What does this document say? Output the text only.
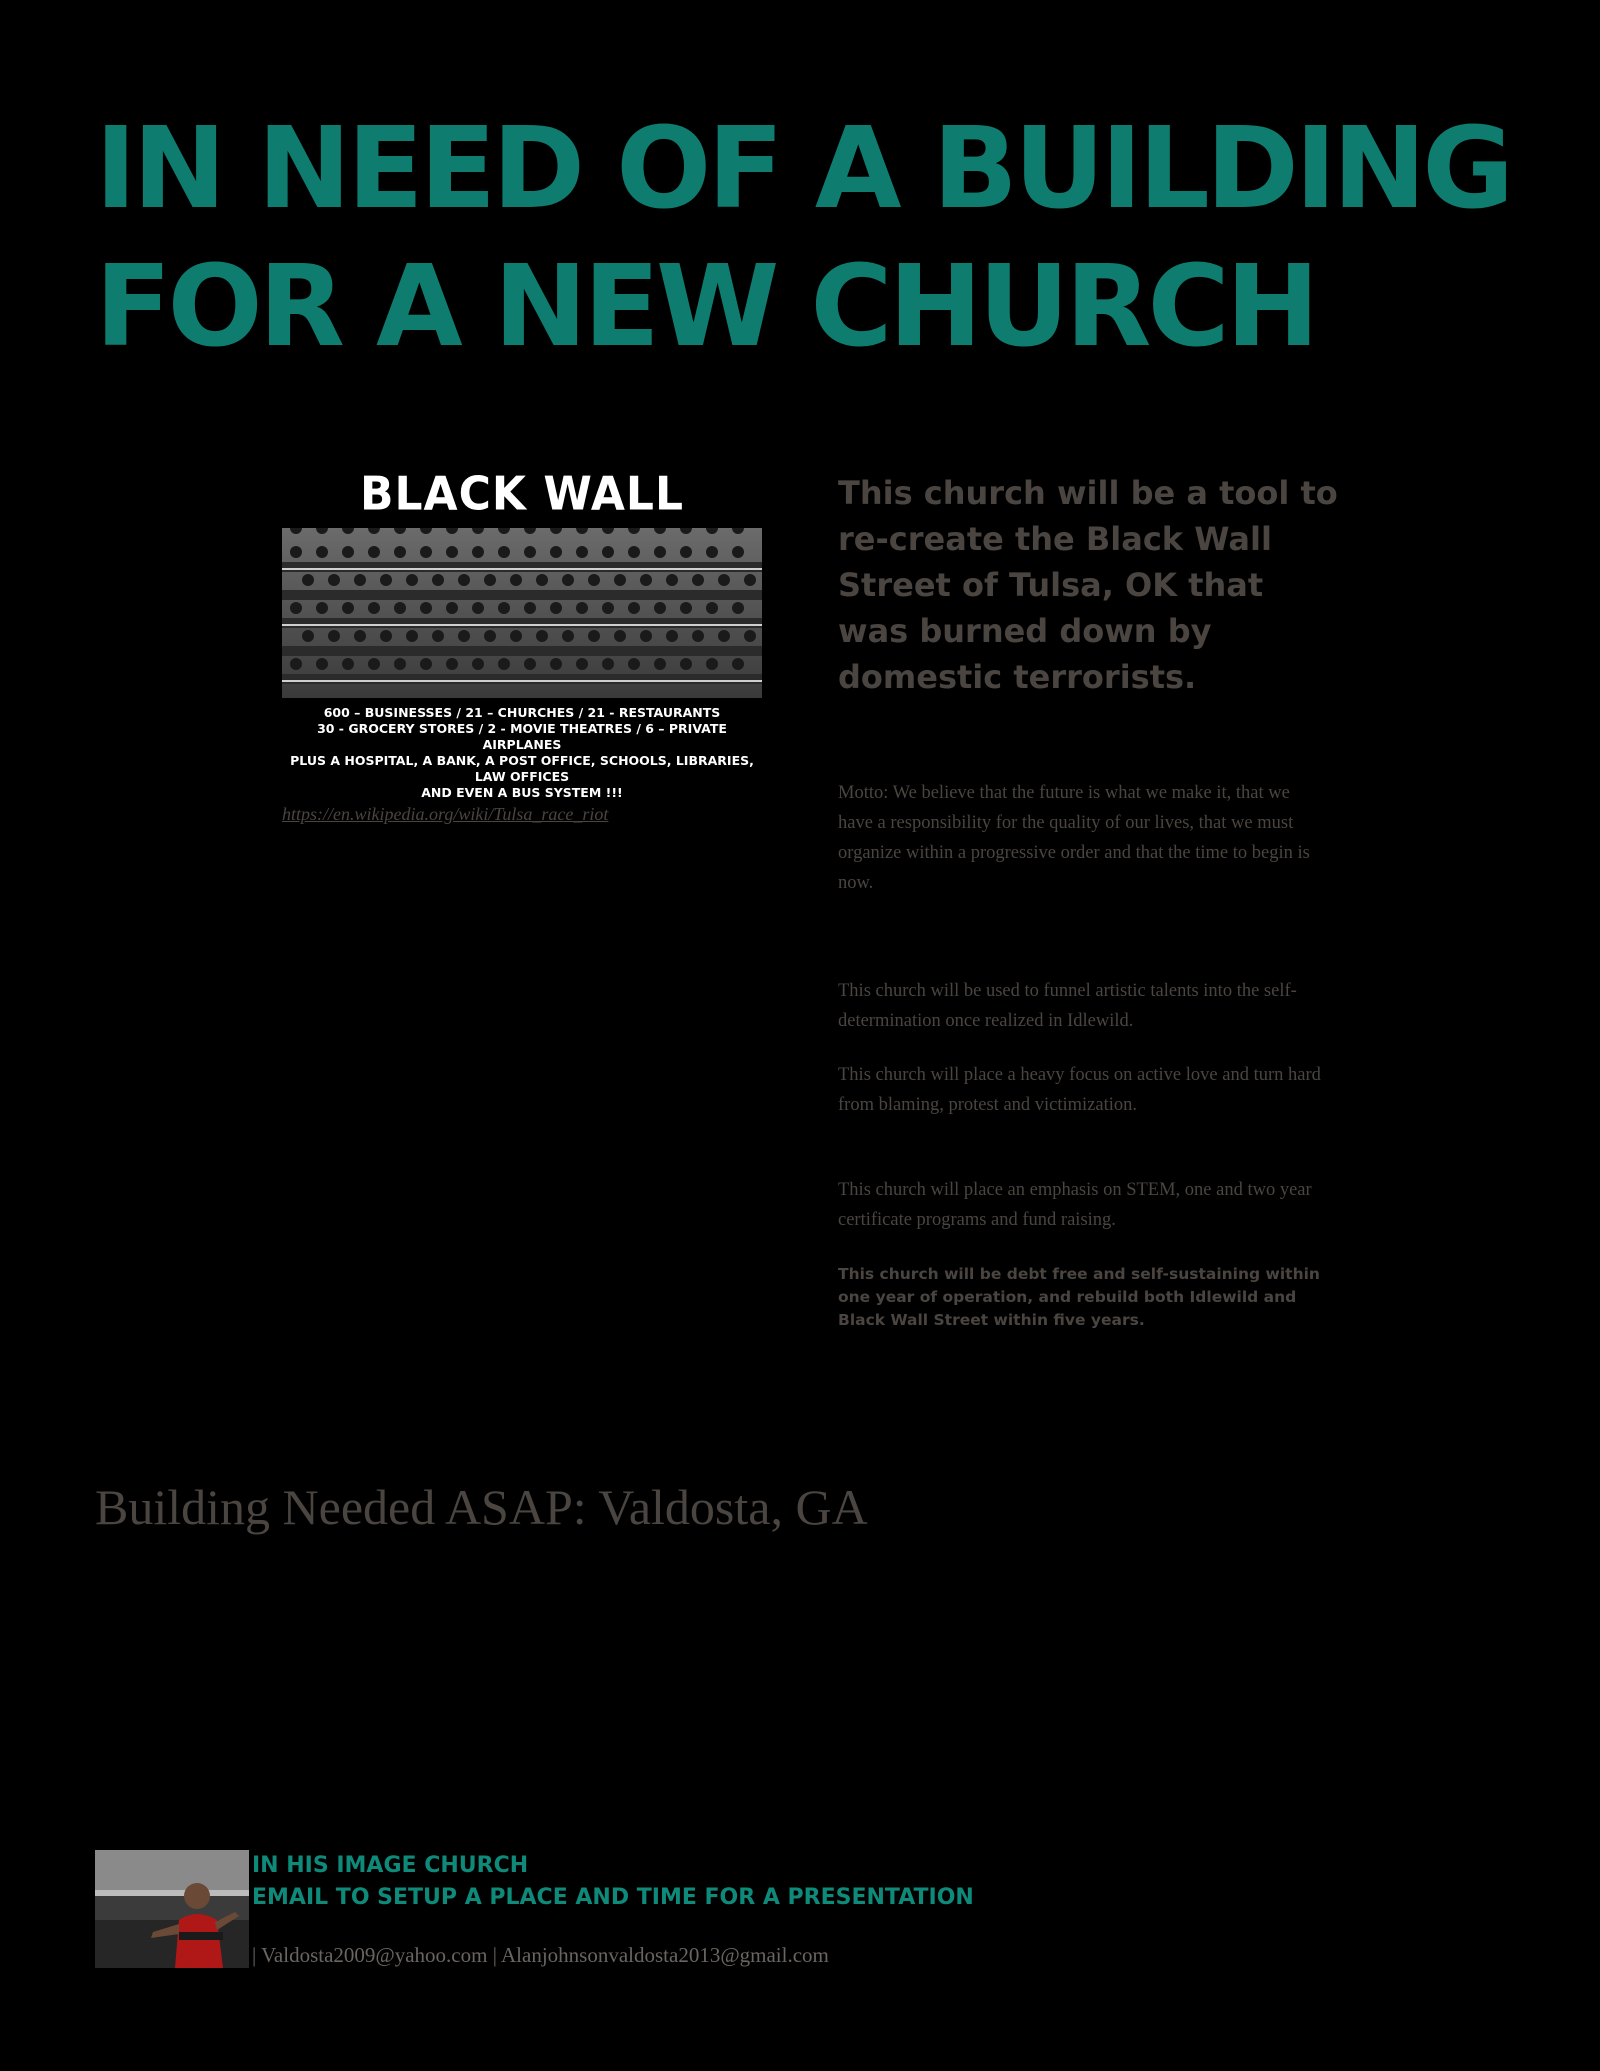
IN NEED OF A BUILDING
FOR A NEW CHURCH
BLACK WALL
600 – BUSINESSES / 21 – CHURCHES / 21 - RESTAURANTS
30 - GROCERY STORES / 2 - MOVIE THEATRES / 6 – PRIVATE AIRPLANES
PLUS A HOSPITAL, A BANK, A POST OFFICE, SCHOOLS, LIBRARIES, LAW OFFICES
AND EVEN A BUS SYSTEM !!!
https://en.wikipedia.org/wiki/Tulsa_race_riot

This church will be a tool to re-create the Black Wall Street of Tulsa, OK that was burned down by domestic terrorists.

Motto: We believe that the future is what we make it, that we have a responsibility for the quality of our lives, that we must organize within a progressive order and that the time to begin is now.

This church will be used to funnel artistic talents into the self-determination once realized in Idlewild.

This church will place a heavy focus on active love and turn hard from blaming, protest and victimization.

This church will place an emphasis on STEM, one and two year certificate programs and fund raising.

This church will be debt free and self-sustaining within one year of operation, and rebuild both Idlewild and Black Wall Street within five years.

Building Needed ASAP: Valdosta, GA

IN HIS IMAGE CHURCH
EMAIL TO SETUP A PLACE AND TIME FOR A PRESENTATION

| Valdosta2009@yahoo.com | Alanjohnsonvaldosta2013@gmail.com
